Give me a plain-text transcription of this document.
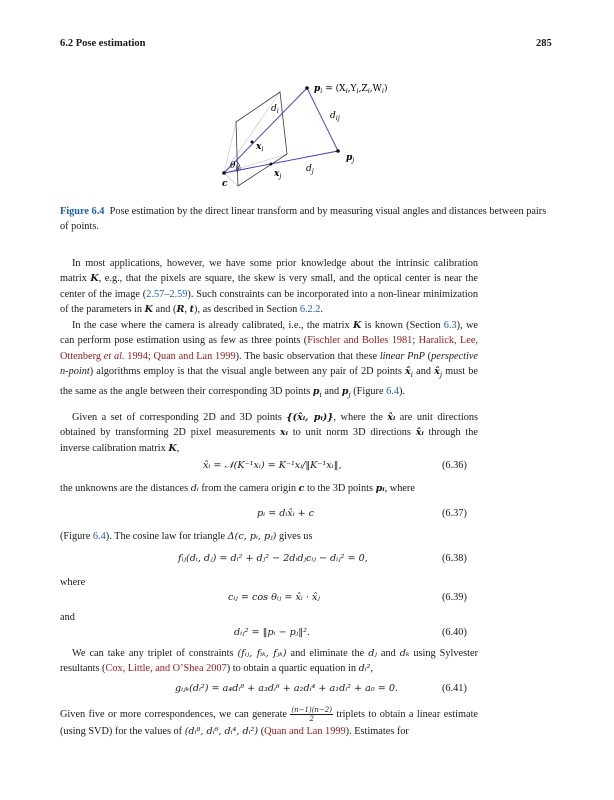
6.2 Pose estimation	285
$p_i = (X_i,Y_i,Z_i,W_i)$
$d_i$	$d_{ij}$
$p_j$
$d_j$
$x_i$
$x_j$
$\theta_{ij}$
c
Figure 6.4 Pose estimation by the direct linear transform and by measuring visual angles and distances between pairs of points.
In most applications, however, we have some prior knowledge about the intrinsic calibration matrix K, e.g., that the pixels are square, the skew is very small, and the optical center is near the center of the image (2.57–2.59). Such constraints can be incorporated into a non-linear minimization of the parameters in K and (R, t), as described in Section 6.2.2.
In the case where the camera is already calibrated, i.e., the matrix K is known (Section 6.3), we can perform pose estimation using as few as three points (Fischler and Bolles 1981; Haralick, Lee, Ottenberg et al. 1994; Quan and Lan 1999). The basic observation that these linear PnP (perspective n-point) algorithms employ is that the visual angle between any pair of 2D points $x̂_i$ and $x̂_j$ must be the same as the angle between their corresponding 3D points $p_i$ and $p_j$ (Figure 6.4).
Given a set of corresponding 2D and 3D points {(x̂ᵢ, pᵢ)}, where the x̂ᵢ are unit directions obtained by transforming 2D pixel measurements xᵢ to unit norm 3D directions x̂ᵢ through the inverse calibration matrix K,
x̂ᵢ = 𝒩(K⁻¹xᵢ) = K⁻¹xᵢ/‖K⁻¹xᵢ‖,	(6.36)
the unknowns are the distances dᵢ from the camera origin c to the 3D points pᵢ, where
pᵢ = dᵢx̂ᵢ + c	(6.37)
(Figure 6.4). The cosine law for triangle Δ(c, pᵢ, pⱼ) gives us
fᵢⱼ(dᵢ, dⱼ) = dᵢ² + dⱼ² − 2dᵢdⱼcᵢⱼ − dᵢⱼ² = 0,	(6.38)
where
cᵢⱼ = cos θᵢⱼ = x̂ᵢ · x̂ⱼ	(6.39)
and
dᵢⱼ² = ‖pᵢ − pⱼ‖².	(6.40)
We can take any triplet of constraints (fᵢⱼ, fᵢₖ, fⱼₖ) and eliminate the dⱼ and dₖ using Sylvester resultants (Cox, Little, and O’Shea 2007) to obtain a quartic equation in dᵢ²,
gᵢⱼₖ(dᵢ²) = a₄dᵢ⁸ + a₃dᵢ⁶ + a₂dᵢ⁴ + a₁dᵢ² + a₀ = 0.	(6.41)
Given five or more correspondences, we can generate $\frac{(n-1)(n-2)}{2}$ triplets to obtain a linear estimate (using SVD) for the values of (dᵢ⁸, dᵢ⁶, dᵢ⁴, dᵢ²) (Quan and Lan 1999). Estimates for
